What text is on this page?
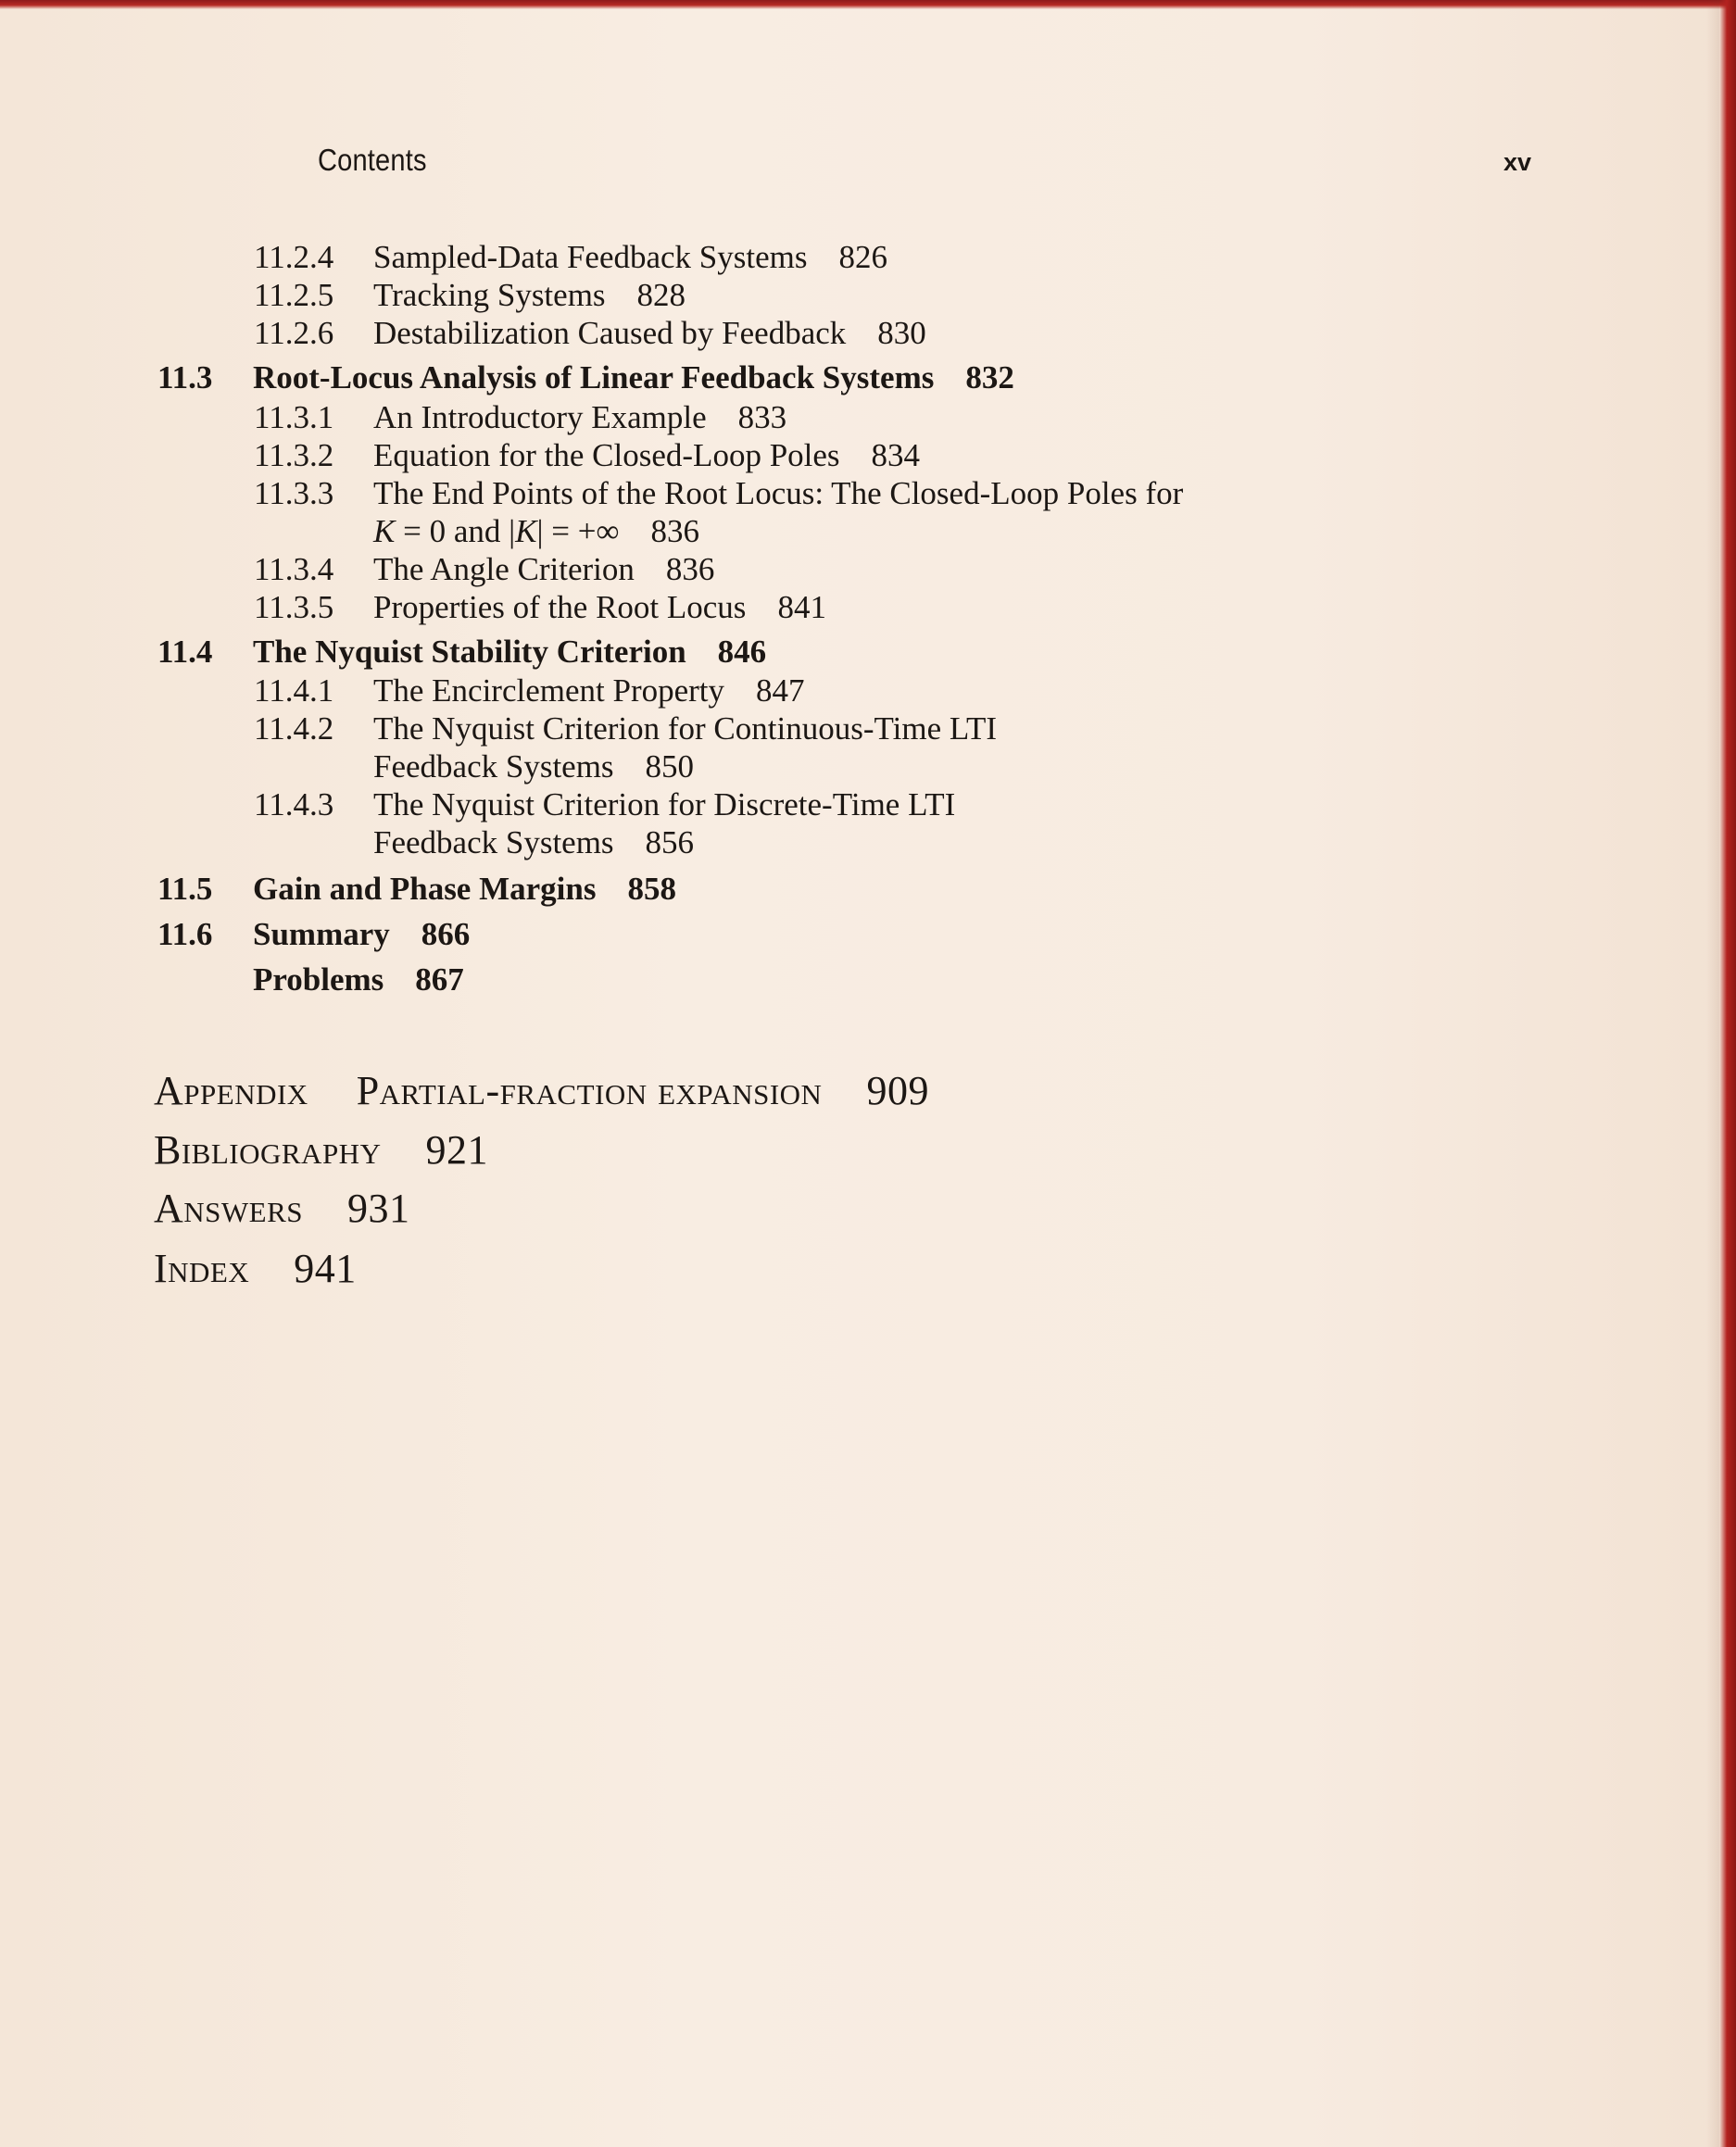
Contents	xv
11.2.4 Sampled-Data Feedback Systems 826
11.2.5 Tracking Systems 828
11.2.6 Destabilization Caused by Feedback 830
11.3 Root-Locus Analysis of Linear Feedback Systems 832
11.3.1 An Introductory Example 833
11.3.2 Equation for the Closed-Loop Poles 834
11.3.3 The End Points of the Root Locus: The Closed-Loop Poles for
K = 0 and |K| = +∞ 836
11.3.4 The Angle Criterion 836
11.3.5 Properties of the Root Locus 841
11.4 The Nyquist Stability Criterion 846
11.4.1 The Encirclement Property 847
11.4.2 The Nyquist Criterion for Continuous-Time LTI
Feedback Systems 850
11.4.3 The Nyquist Criterion for Discrete-Time LTI
Feedback Systems 856
11.5 Gain and Phase Margins 858
11.6 Summary 866
Problems 867
Appendix Partial-fraction expansion 909
Bibliography 921
Answers 931
Index 941
